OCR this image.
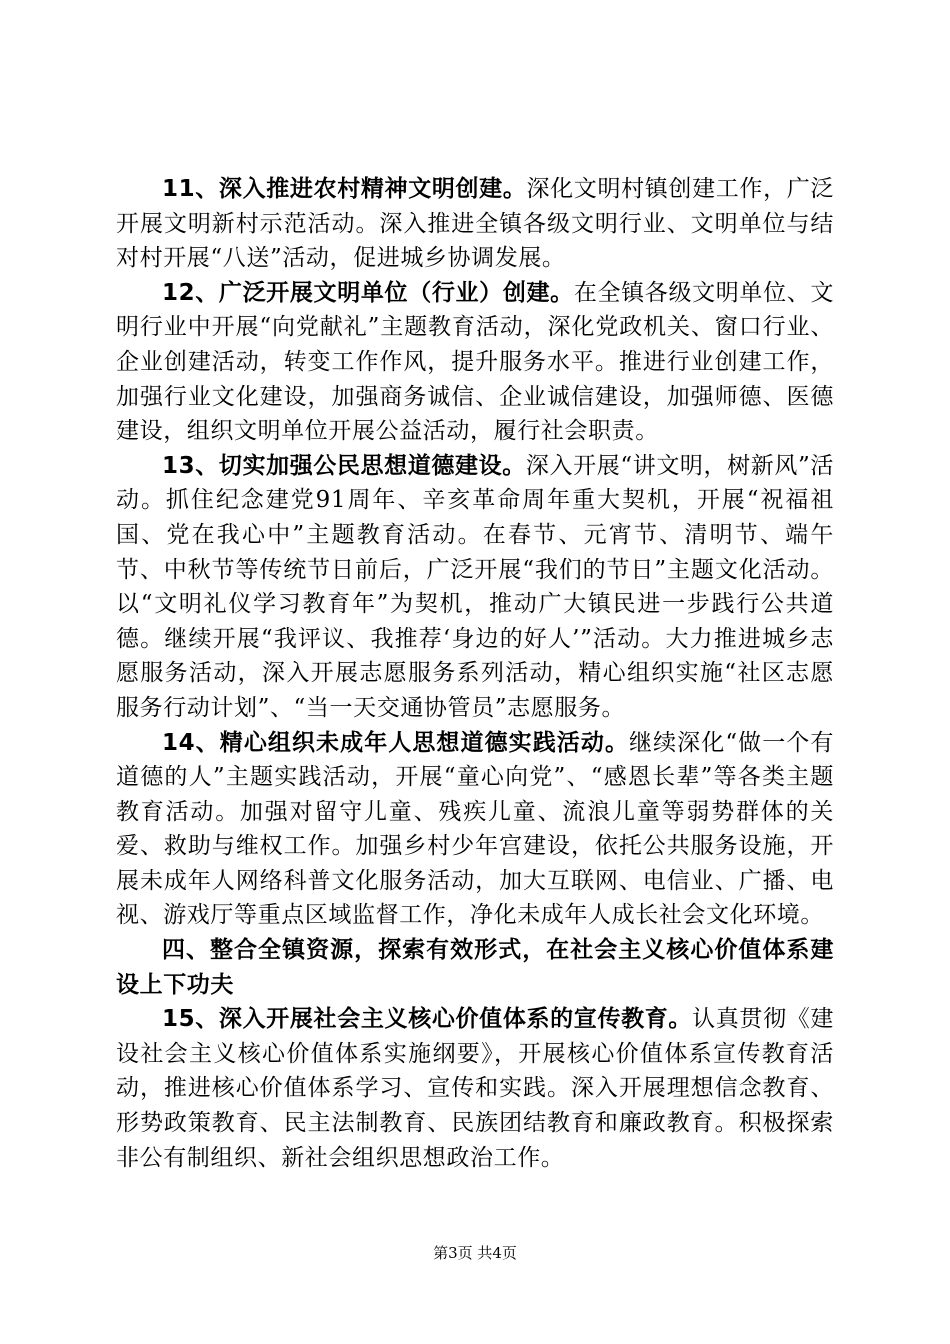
11、深入推进农村精神文明创建。深化文明村镇创建工作，广泛开展文明新村示范活动。深入推进全镇各级文明行业、文明单位与结对村开展“八送”活动，促进城乡协调发展。

12、广泛开展文明单位（行业）创建。在全镇各级文明单位、文明行业中开展“向党献礼”主题教育活动，深化党政机关、窗口行业、企业创建活动，转变工作作风，提升服务水平。推进行业创建工作，加强行业文化建设，加强商务诚信、企业诚信建设，加强师德、医德建设，组织文明单位开展公益活动，履行社会职责。

13、切实加强公民思想道德建设。深入开展“讲文明，树新风”活动。抓住纪念建党91周年、辛亥革命周年重大契机，开展“祝福祖国、党在我心中”主题教育活动。在春节、元宵节、清明节、端午节、中秋节等传统节日前后，广泛开展“我们的节日”主题文化活动。以“文明礼仪学习教育年”为契机，推动广大镇民进一步践行公共道德。继续开展“我评议、我推荐‘身边的好人’”活动。大力推进城乡志愿服务活动，深入开展志愿服务系列活动，精心组织实施“社区志愿服务行动计划”、“当一天交通协管员”志愿服务。

14、精心组织未成年人思想道德实践活动。继续深化“做一个有道德的人”主题实践活动，开展“童心向党”、“感恩长辈”等各类主题教育活动。加强对留守儿童、残疾儿童、流浪儿童等弱势群体的关爱、救助与维权工作。加强乡村少年宫建设，依托公共服务设施，开展未成年人网络科普文化服务活动，加大互联网、电信业、广播、电视、游戏厅等重点区域监督工作，净化未成年人成长社会文化环境。

四、整合全镇资源，探索有效形式，在社会主义核心价值体系建设上下功夫

15、深入开展社会主义核心价值体系的宣传教育。认真贯彻《建设社会主义核心价值体系实施纲要》，开展核心价值体系宣传教育活动，推进核心价值体系学习、宣传和实践。深入开展理想信念教育、形势政策教育、民主法制教育、民族团结教育和廉政教育。积极探索非公有制组织、新社会组织思想政治工作。

第3页 共4页
